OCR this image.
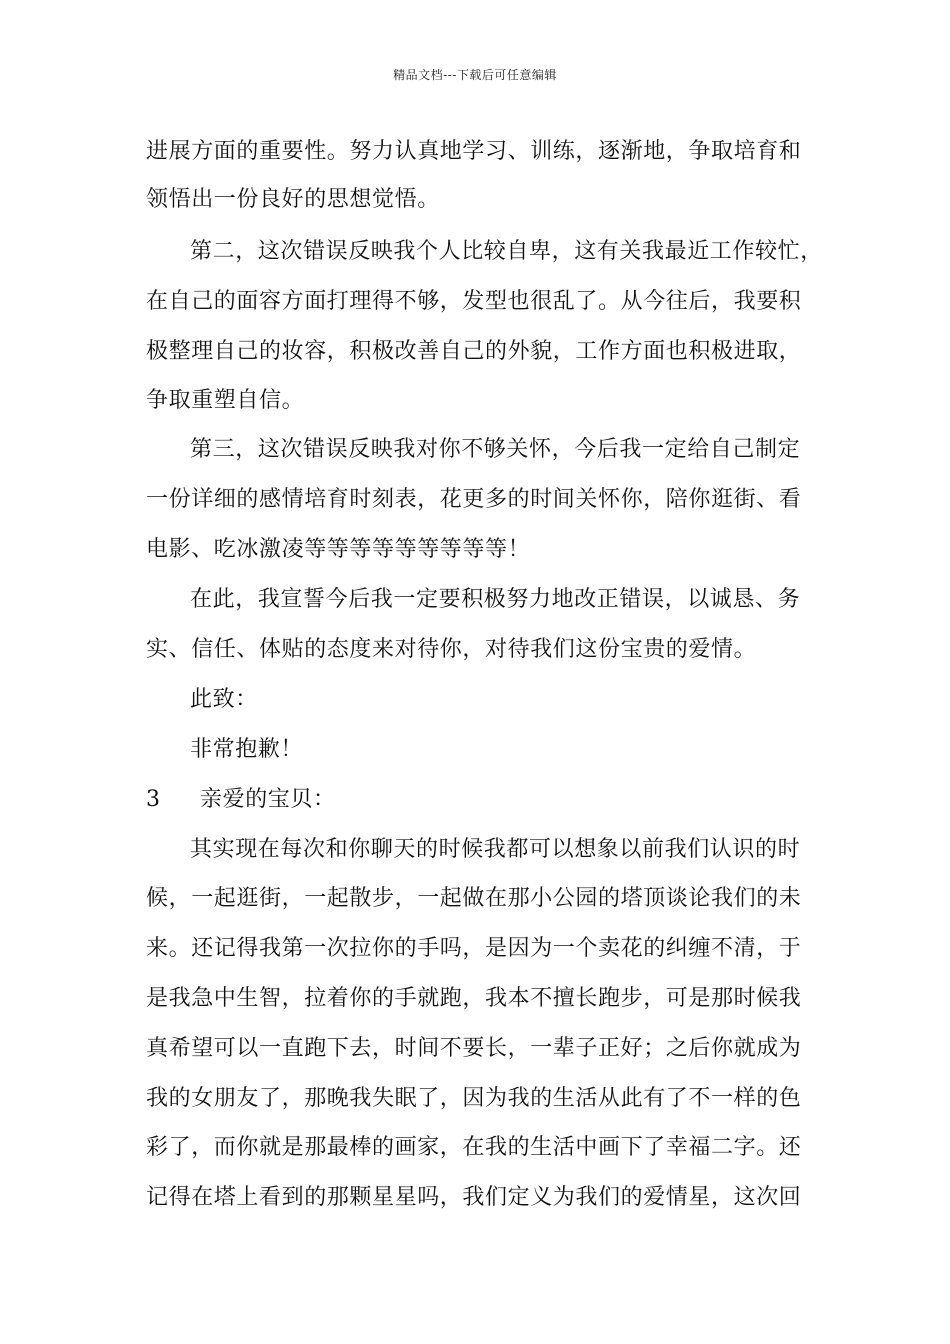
精品文档---下载后可任意编辑
进展方面的重要性。努力认真地学习、训练，逐渐地，争取培育和
领悟出一份良好的思想觉悟。
第二，这次错误反映我个人比较自卑，这有关我最近工作较忙，
在自己的面容方面打理得不够，发型也很乱了。从今往后，我要积
极整理自己的妆容，积极改善自己的外貌，工作方面也积极进取，
争取重塑自信。
第三，这次错误反映我对你不够关怀，今后我一定给自己制定
一份详细的感情培育时刻表，花更多的时间关怀你，陪你逛街、看
电影、吃冰激凌等等等等等等等等等！
在此，我宣誓今后我一定要积极努力地改正错误，以诚恳、务
实、信任、体贴的态度来对待你，对待我们这份宝贵的爱情。
此致：
非常抱歉！
3 亲爱的宝贝：
其实现在每次和你聊天的时候我都可以想象以前我们认识的时
候，一起逛街，一起散步，一起做在那小公园的塔顶谈论我们的未
来。还记得我第一次拉你的手吗，是因为一个卖花的纠缠不清，于
是我急中生智，拉着你的手就跑，我本不擅长跑步，可是那时候我
真希望可以一直跑下去，时间不要长，一辈子正好；之后你就成为
我的女朋友了，那晚我失眠了，因为我的生活从此有了不一样的色
彩了，而你就是那最棒的画家，在我的生活中画下了幸福二字。还
记得在塔上看到的那颗星星吗，我们定义为我们的爱情星，这次回
